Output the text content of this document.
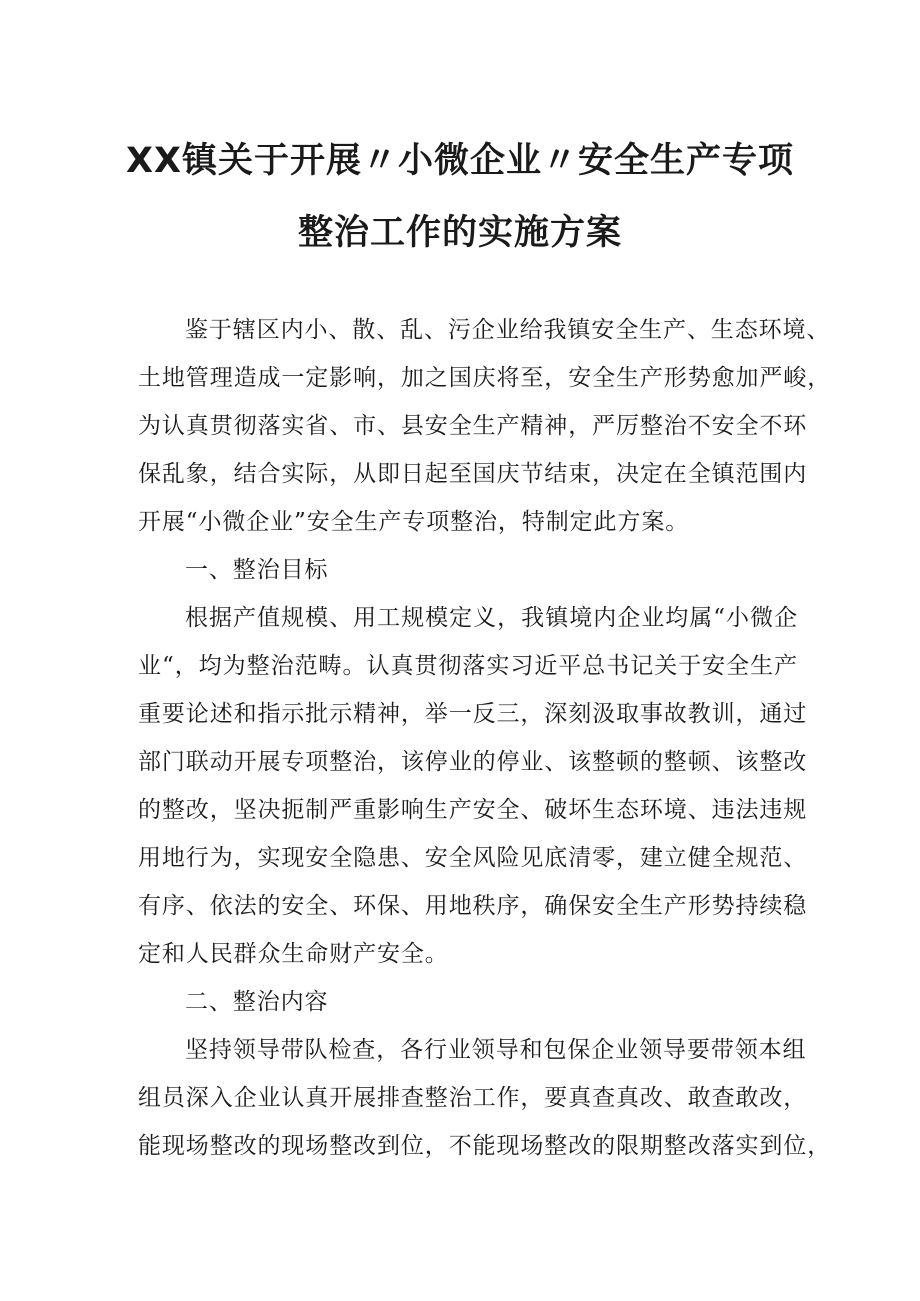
XX镇关于开展〃小微企业〃安全生产专项
整治工作的实施方案
鉴于辖区内小、散、乱、污企业给我镇安全生产、生态环境、
土地管理造成一定影响，加之国庆将至，安全生产形势愈加严峻，
为认真贯彻落实省、市、县安全生产精神，严厉整治不安全不环
保乱象，结合实际，从即日起至国庆节结束，决定在全镇范围内
开展“小微企业”安全生产专项整治，特制定此方案。
一、整治目标
根据产值规模、用工规模定义，我镇境内企业均属“小微企
业“，均为整治范畴。认真贯彻落实习近平总书记关于安全生产
重要论述和指示批示精神，举一反三，深刻汲取事故教训，通过
部门联动开展专项整治，该停业的停业、该整顿的整顿、该整改
的整改，坚决扼制严重影响生产安全、破坏生态环境、违法违规
用地行为，实现安全隐患、安全风险见底清零，建立健全规范、
有序、依法的安全、环保、用地秩序，确保安全生产形势持续稳
定和人民群众生命财产安全。
二、整治内容
坚持领导带队检查，各行业领导和包保企业领导要带领本组
组员深入企业认真开展排查整治工作，要真查真改、敢查敢改，
能现场整改的现场整改到位，不能现场整改的限期整改落实到位，
